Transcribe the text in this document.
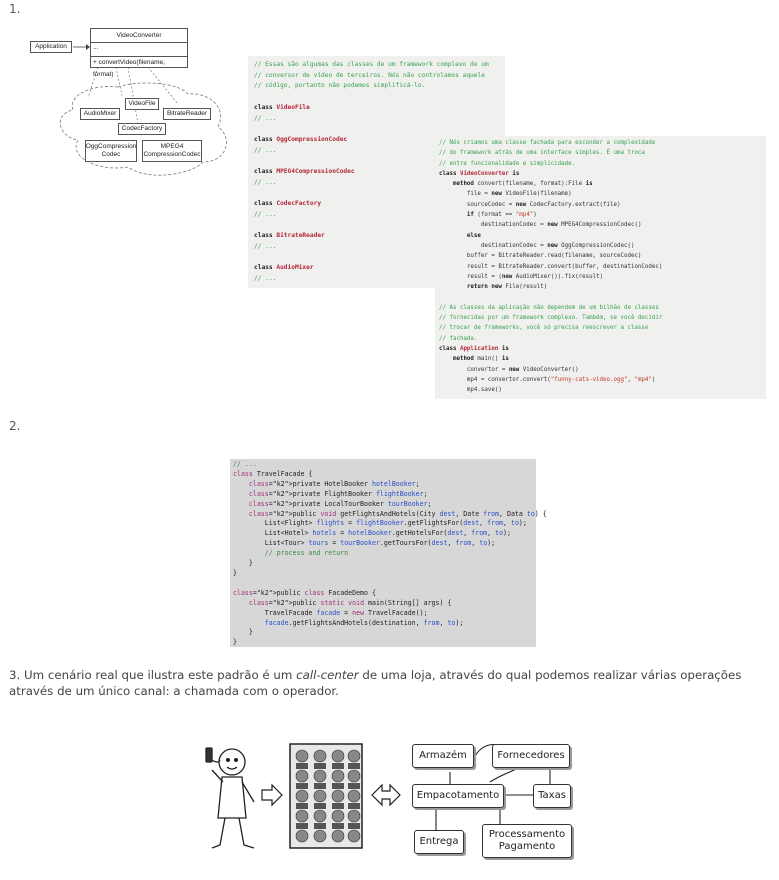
1.
Application
VideoConverter
...
+ convertVideo(filename, format)
VideoFile
AudioMixer	BitrateReader
CodecFactory
OggCompression Codec
MPEG4 CompressionCodec
// Essas são algumas das classes de um framework complexo de um
// conversor de vídeo de terceiros. Nós não controlamos aquele
// código, portanto não podemos simplificá-lo.

class VideoFile
// ...

class OggCompressionCodec
// ...

class MPEG4CompressionCodec
// ...

class CodecFactory
// ...

class BitrateReader
// ...

class AudioMixer
// ...
// Nós criamos uma classe fachada para esconder a complexidade
// do framework atrás de uma interface simples. É uma troca
// entre funcionalidade e simplicidade.
class VideoConverter is
method convert(filename, format):File is
file = new VideoFile(filename)
sourceCodec = new CodecFactory.extract(file)
if (format == "mp4")
destinationCodec = new MPEG4CompressionCodec()
else
destinationCodec = new OggCompressionCodec()
buffer = BitrateReader.read(filename, sourceCodec)
result = BitrateReader.convert(buffer, destinationCodec)
result = (new AudioMixer()).fix(result)
return new File(result)

// As classes da aplicação não dependem de um bilhão de classes
// fornecidas por um framework complexo. Também, se você decidir
// trocar de frameworks, você só precisa reescrever a classe
// fachada.
class Application is
method main() is
convertor = new VideoConverter()
mp4 = convertor.convert("funny-cats-video.ogg", "mp4")
mp4.save()
2.
// ...
class TravelFacade {
class="k2">private HotelBooker hotelBooker;
class="k2">private FlightBooker flightBooker;
class="k2">private LocalTourBooker tourBooker;
class="k2">public void getFlightsAndHotels(City dest, Date from, Data to) {
List<Flight> flights = flightBooker.getFlightsFor(dest, from, to);
List<Hotel> hotels = hotelBooker.getHotelsFor(dest, from, to);
List<Tour> tours = tourBooker.getToursFor(dest, from, to);
// process and return
}
}

class="k2">public class FacadeDemo {
class="k2">public static void main(String[] args) {
TravelFacade facade = new TravelFacade();
facade.getFlightsAndHotels(destination, from, to);
}
}
3. Um cenário real que ilustra este padrão é um call-center de uma loja, através do qual podemos realizar várias operações através de um único canal: a chamada com o operador.
Armazém	Fornecedores
Empacotamento	Taxas
Entrega
Processamento Pagamento
